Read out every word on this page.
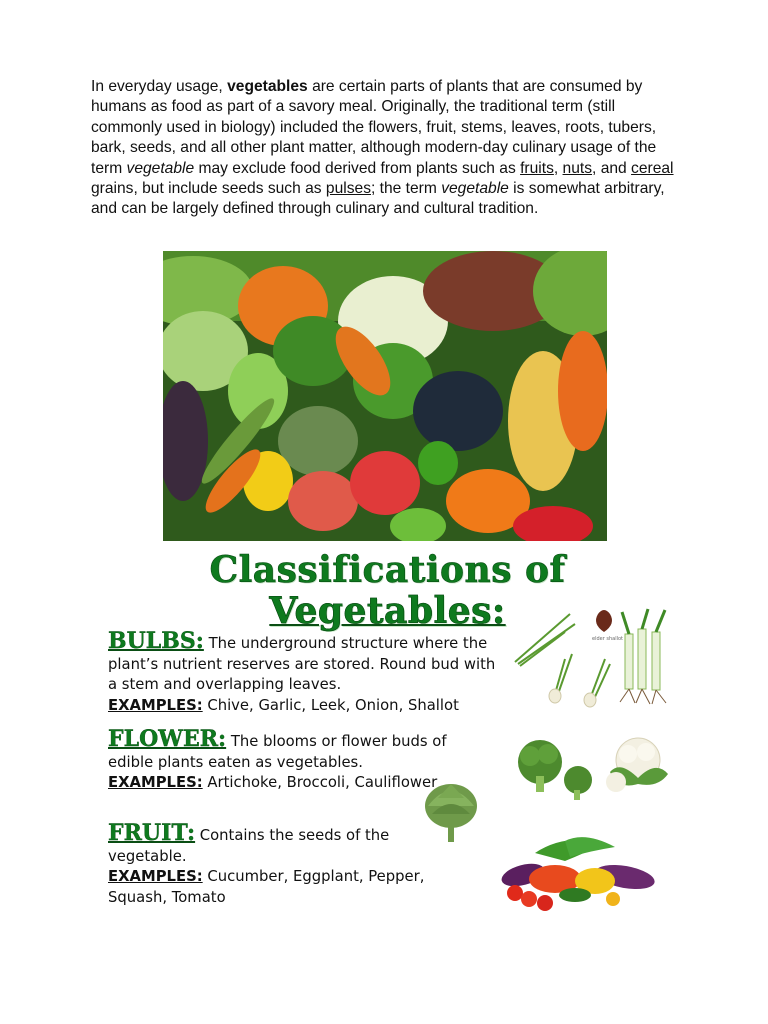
In everyday usage, vegetables are certain parts of plants that are consumed by humans as food as part of a savory meal. Originally, the traditional term (still commonly used in biology) included the flowers, fruit, stems, leaves, roots, tubers, bark, seeds, and all other plant matter, although modern-day culinary usage of the term vegetable may exclude food derived from plants such as fruits, nuts, and cereal grains, but include seeds such as pulses; the term vegetable is somewhat arbitrary, and can be largely defined through culinary and cultural tradition.
Classifications of
Vegetables:
BULBS: The underground structure where the plant’s nutrient reserves are stored. Round bud with a stem and overlapping leaves.
EXAMPLES: Chive, Garlic, Leek, Onion, Shallot
FLOWER: The blooms or flower buds of edible plants eaten as vegetables.
EXAMPLES: Artichoke, Broccoli, Cauliflower
FRUIT: Contains the seeds of the vegetable.
EXAMPLES: Cucumber, Eggplant, Pepper, Squash, Tomato
elder shallot
